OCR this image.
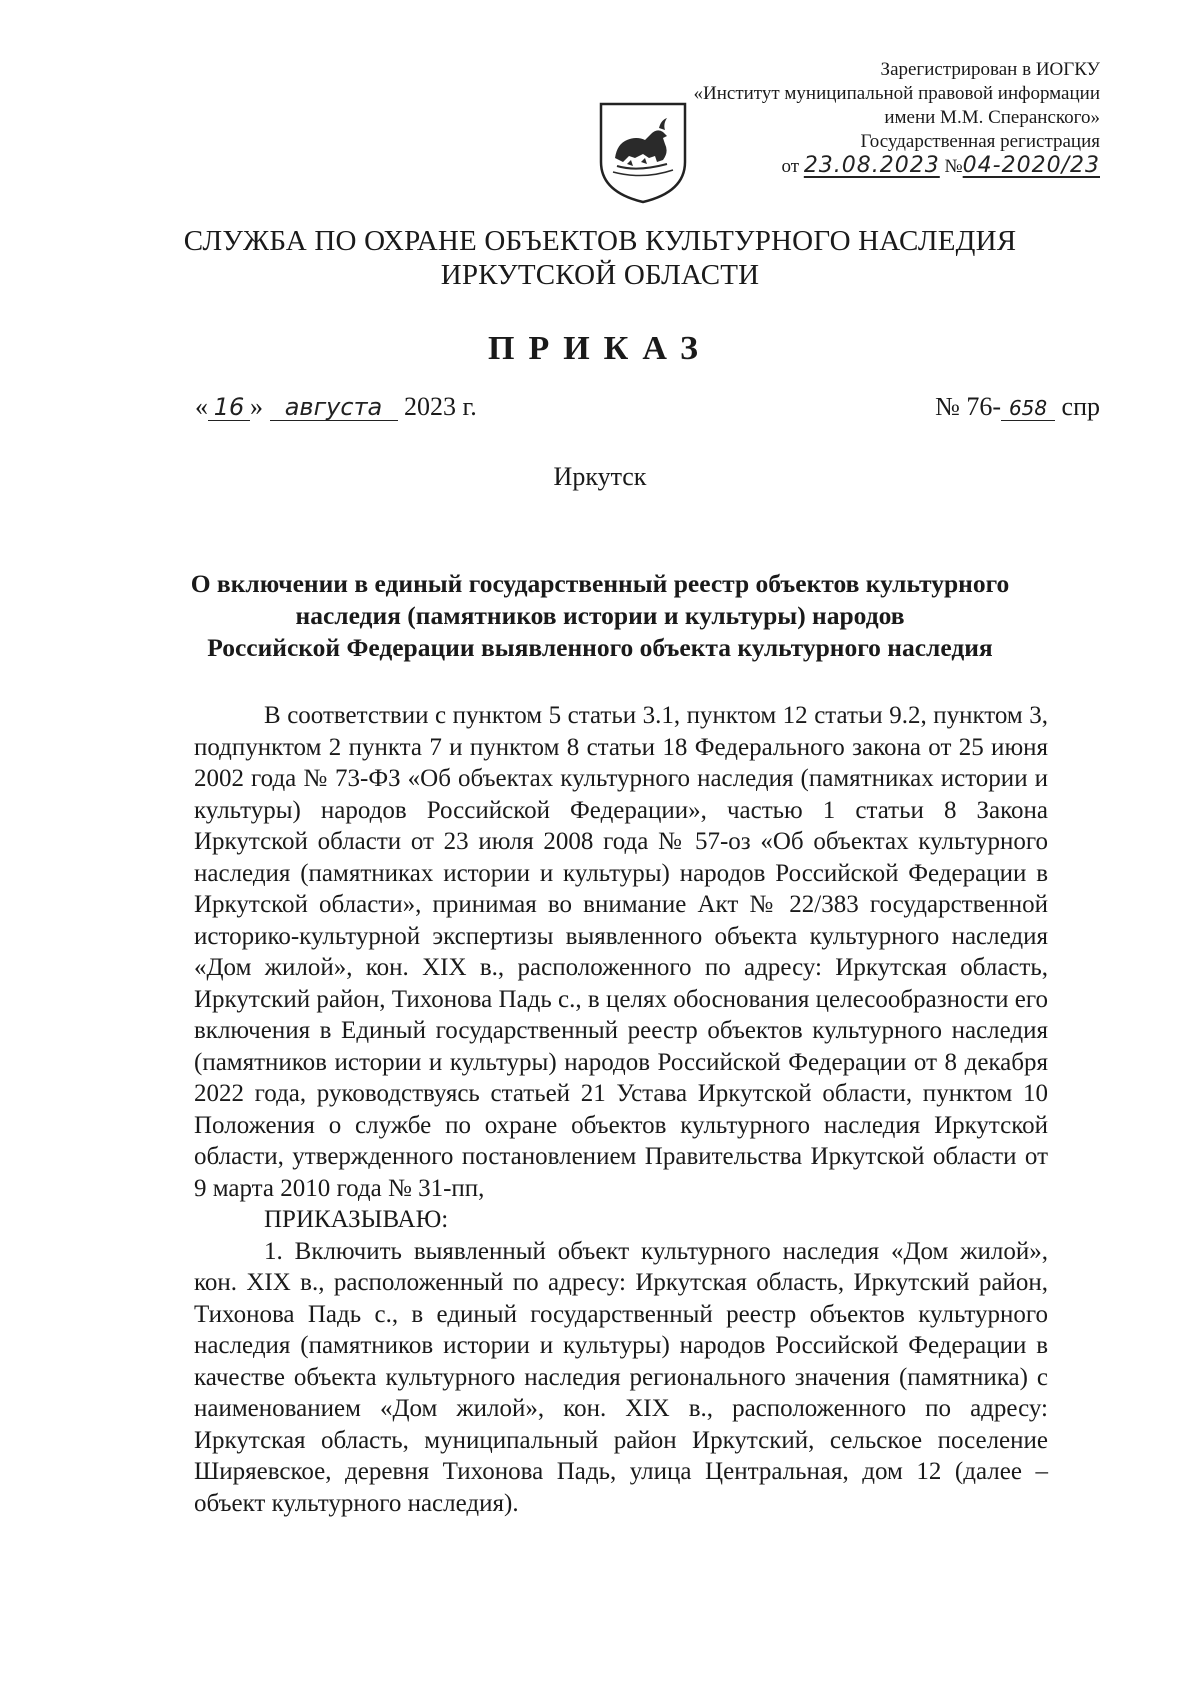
Зарегистрирован в ИОГКУ
«Институт муниципальной правовой информации
имени М.М. Сперанского»
Государственная регистрация
от 23.08.2023 №04-2020/23
СЛУЖБА ПО ОХРАНЕ ОБЪЕКТОВ КУЛЬТУРНОГО НАСЛЕДИЯ
ИРКУТСКОЙ ОБЛАСТИ
ПРИКАЗ
« 16 » августа 2023 г.	№ 76- 658 спр
Иркутск
О включении в единый государственный реестр объектов культурного
наследия (памятников истории и культуры) народов
Российской Федерации выявленного объекта культурного наследия

В соответствии с пунктом 5 статьи 3.1, пунктом 12 статьи 9.2, пунктом 3, подпунктом 2 пункта 7 и пунктом 8 статьи 18 Федерального закона от 25 июня 2002 года № 73-ФЗ «Об объектах культурного наследия (памятниках истории и культуры) народов Российской Федерации», частью 1 статьи 8 Закона Иркутской области от 23 июля 2008 года № 57-оз «Об объектах культурного наследия (памятниках истории и культуры) народов Российской Федерации в Иркутской области», принимая во внимание Акт № 22/383 государственной историко-культурной экспертизы выявленного объекта культурного наследия «Дом жилой», кон. XIX в., расположенного по адресу: Иркутская область, Иркутский район, Тихонова Падь с., в целях обоснования целесообразности его включения в Единый государственный реестр объектов культурного наследия (памятников истории и культуры) народов Российской Федерации от 8 декабря 2022 года, руководствуясь статьей 21 Устава Иркутской области, пунктом 10 Положения о службе по охране объектов культурного наследия Иркутской области, утвержденного постановлением Правительства Иркутской области от 9 марта 2010 года № 31-пп,

ПРИКАЗЫВАЮ:

1. Включить выявленный объект культурного наследия «Дом жилой», кон. XIX в., расположенный по адресу: Иркутская область, Иркутский район, Тихонова Падь с., в единый государственный реестр объектов культурного наследия (памятников истории и культуры) народов Российской Федерации в качестве объекта культурного наследия регионального значения (памятника) с наименованием «Дом жилой», кон. XIX в., расположенного по адресу: Иркутская область, муниципальный район Иркутский, сельское поселение Ширяевское, деревня Тихонова Падь, улица Центральная, дом 12 (далее – объект культурного наследия).
